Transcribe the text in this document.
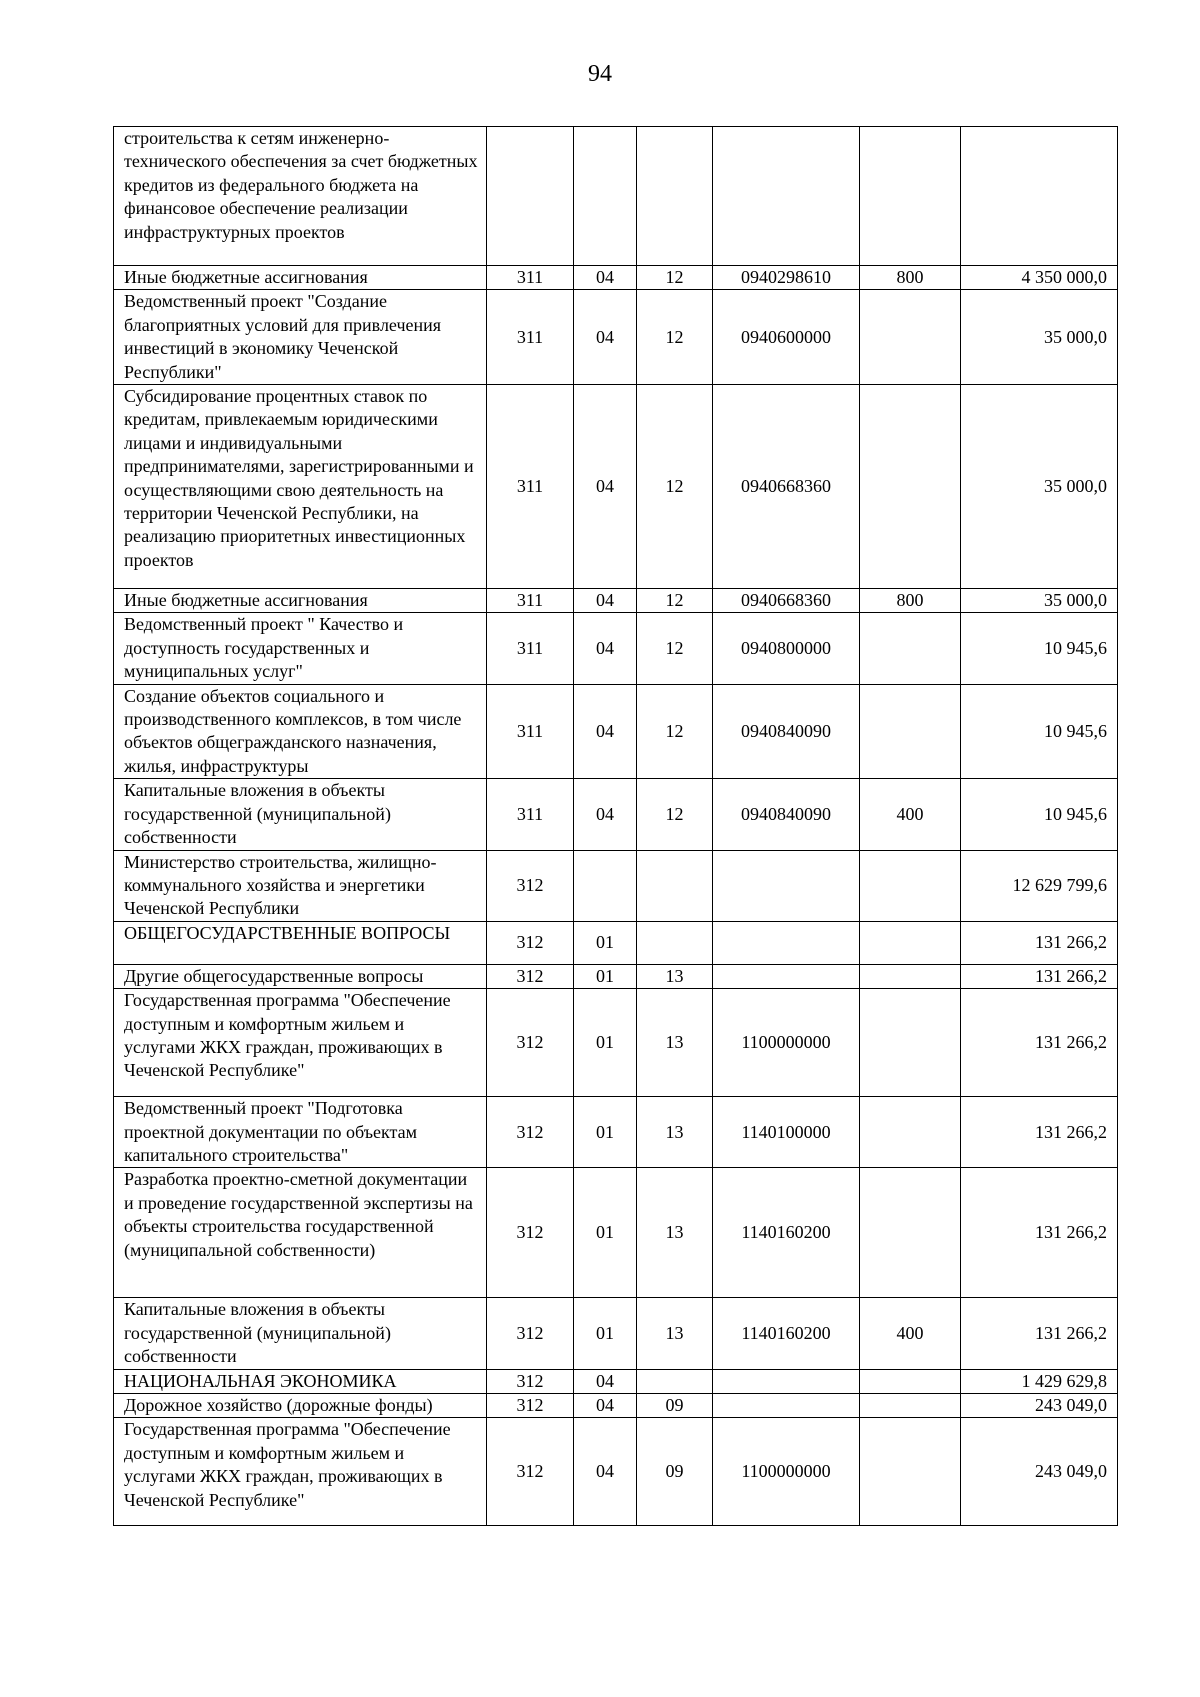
94
строительства к сетям инженерно-технического обеспечения за счет бюджетных кредитов из федерального бюджета на финансовое обеспечение реализации инфраструктурных проектов						
Иные бюджетные ассигнования	311	04	12	0940298610	800	4 350 000,0
Ведомственный проект "Создание благоприятных условий для привлечения инвестиций в экономику Чеченской Республики"	311	04	12	0940600000		35 000,0
Субсидирование процентных ставок по кредитам, привлекаемым юридическими лицами и индивидуальными предпринимателями, зарегистрированными и осуществляющими свою деятельность на территории Чеченской Республики, на реализацию приоритетных инвестиционных проектов	311	04	12	0940668360		35 000,0
Иные бюджетные ассигнования	311	04	12	0940668360	800	35 000,0
Ведомственный проект " Качество и доступность государственных и муниципальных услуг"	311	04	12	0940800000		10 945,6
Создание объектов социального и производственного комплексов, в том числе объектов общегражданского назначения, жилья, инфраструктуры	311	04	12	0940840090		10 945,6
Капитальные вложения в объекты государственной (муниципальной) собственности	311	04	12	0940840090	400	10 945,6
Министерство строительства, жилищно-коммунального хозяйства и энергетики Чеченской Республики	312					12 629 799,6
ОБЩЕГОСУДАРСТВЕННЫЕ ВОПРОСЫ	312	01				131 266,2
Другие общегосударственные вопросы	312	01	13			131 266,2
Государственная программа "Обеспечение доступным и комфортным жильем и услугами ЖКХ граждан, проживающих в Чеченской Республике"	312	01	13	1100000000		131 266,2
Ведомственный проект "Подготовка проектной документации по объектам капитального строительства"	312	01	13	1140100000		131 266,2
Разработка проектно-сметной документации и проведение государственной экспертизы на объекты строительства государственной (муниципальной собственности)	312	01	13	1140160200		131 266,2
Капитальные вложения в объекты государственной (муниципальной) собственности	312	01	13	1140160200	400	131 266,2
НАЦИОНАЛЬНАЯ ЭКОНОМИКА	312	04				1 429 629,8
Дорожное хозяйство (дорожные фонды)	312	04	09			243 049,0
Государственная программа "Обеспечение доступным и комфортным жильем и услугами ЖКХ граждан, проживающих в Чеченской Республике"	312	04	09	1100000000		243 049,0
